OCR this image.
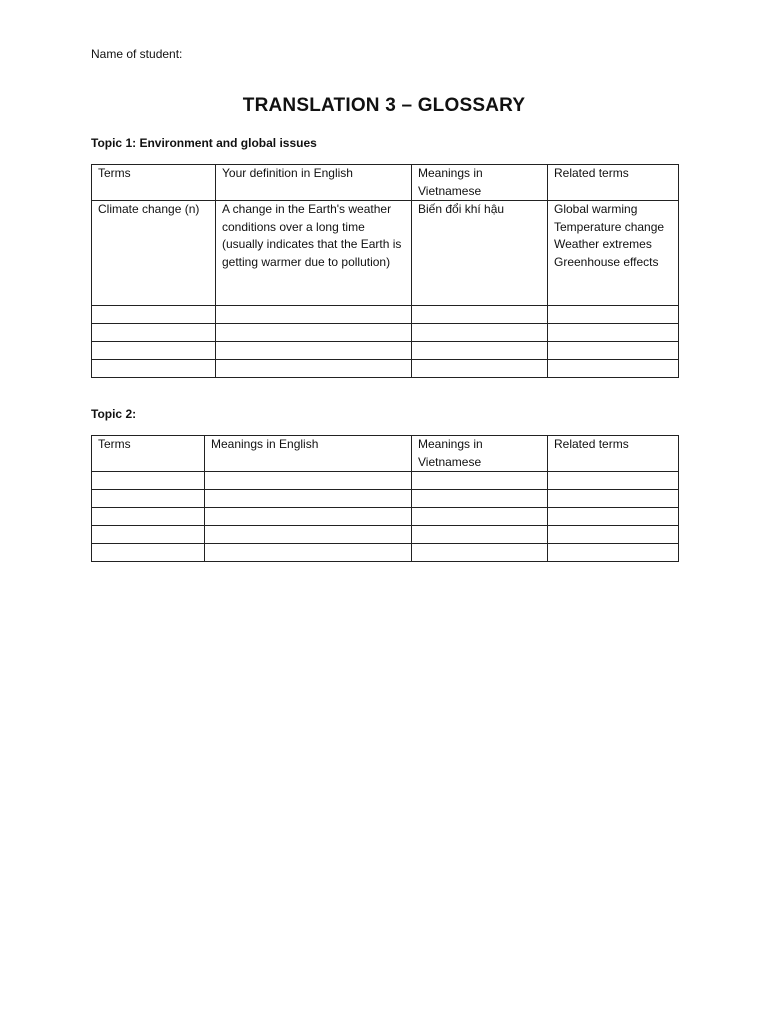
Name of student:
TRANSLATION 3 – GLOSSARY
Topic 1: Environment and global issues
Terms	Your definition in English	Meanings in Vietnamese	Related terms
Climate change (n)	A change in the Earth's weather conditions over a long time (usually indicates that the Earth is getting warmer due to pollution)	Biến đổi khí hậu	Global warming
Temperature change
Weather extremes
Greenhouse effects

Topic 2:
Terms	Meanings in English	Meanings in Vietnamese	Related terms
